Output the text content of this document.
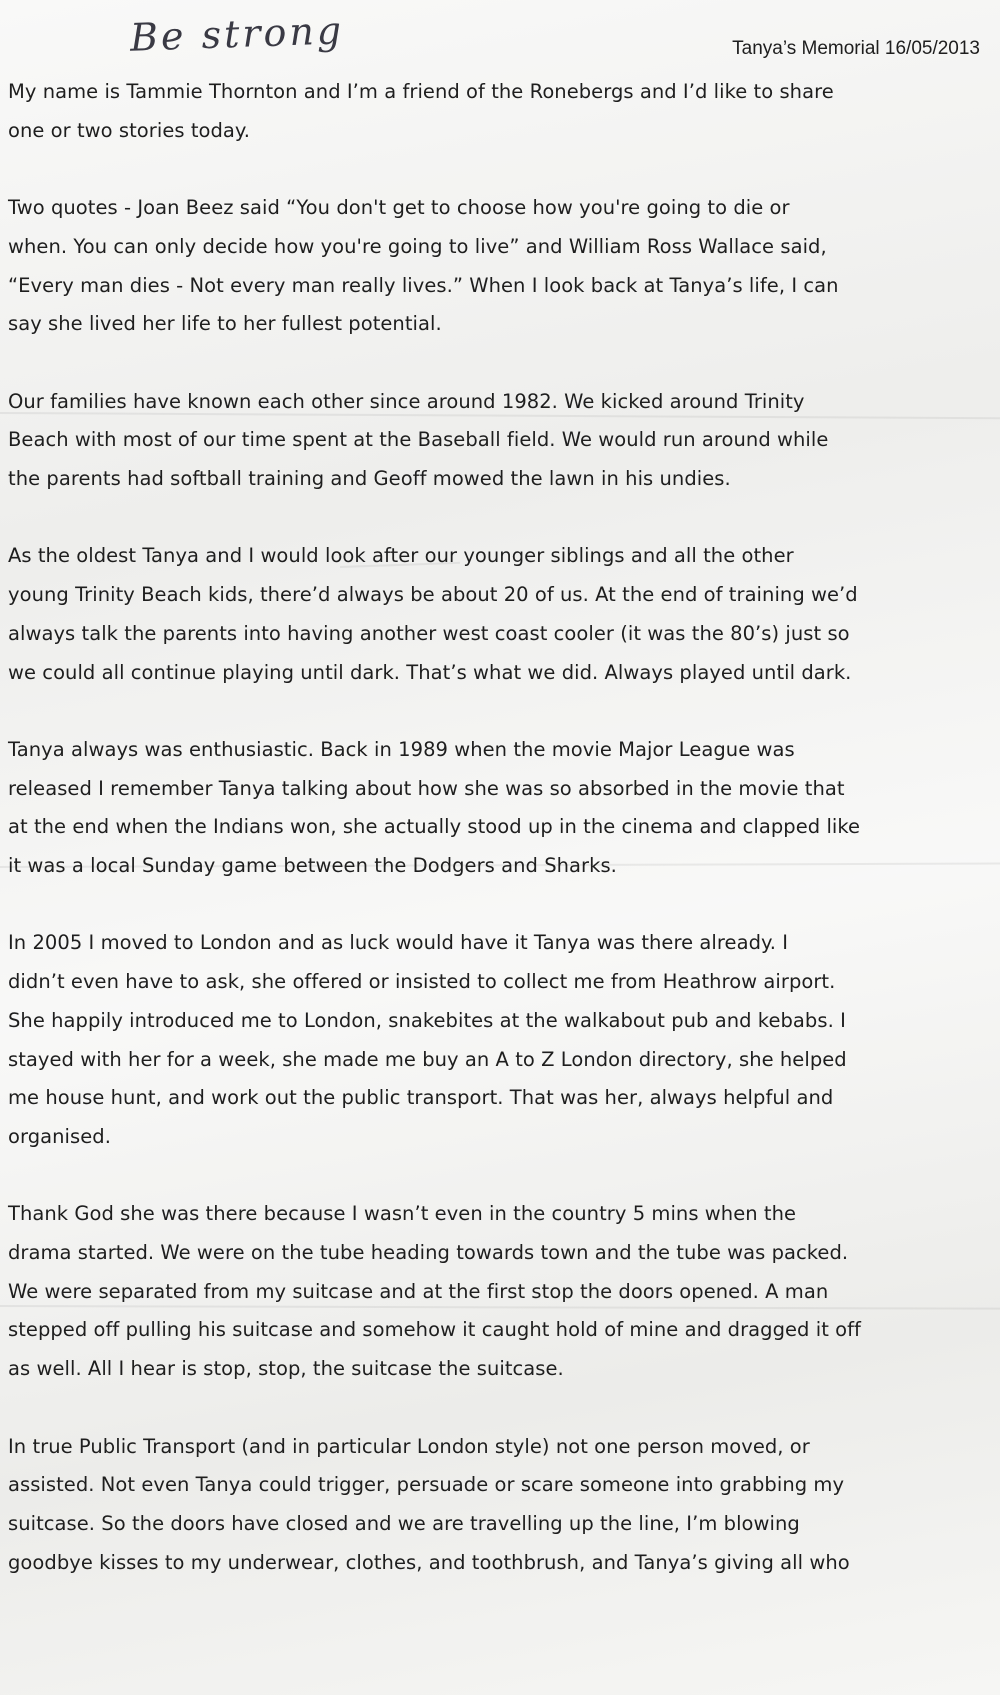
Be strong	Tanya’s Memorial 16/05/2013

My name is Tammie Thornton and I’m a friend of the Ronebergs and I’d like to share
one or two stories today.

Two quotes - Joan Beez said “You don't get to choose how you're going to die or
when. You can only decide how you're going to live” and William Ross Wallace said,
“Every man dies - Not every man really lives.” When I look back at Tanya’s life, I can
say she lived her life to her fullest potential.

Our families have known each other since around 1982. We kicked around Trinity
Beach with most of our time spent at the Baseball field. We would run around while
the parents had softball training and Geoff mowed the lawn in his undies.

As the oldest Tanya and I would look after our younger siblings and all the other
young Trinity Beach kids, there’d always be about 20 of us. At the end of training we’d
always talk the parents into having another west coast cooler (it was the 80’s) just so
we could all continue playing until dark. That’s what we did. Always played until dark.

Tanya always was enthusiastic. Back in 1989 when the movie Major League was
released I remember Tanya talking about how she was so absorbed in the movie that
at the end when the Indians won, she actually stood up in the cinema and clapped like
it was a local Sunday game between the Dodgers and Sharks.

In 2005 I moved to London and as luck would have it Tanya was there already. I
didn’t even have to ask, she offered or insisted to collect me from Heathrow airport.
She happily introduced me to London, snakebites at the walkabout pub and kebabs. I
stayed with her for a week, she made me buy an A to Z London directory, she helped
me house hunt, and work out the public transport. That was her, always helpful and
organised.

Thank God she was there because I wasn’t even in the country 5 mins when the
drama started. We were on the tube heading towards town and the tube was packed.
We were separated from my suitcase and at the first stop the doors opened. A man
stepped off pulling his suitcase and somehow it caught hold of mine and dragged it off
as well. All I hear is stop, stop, the suitcase the suitcase.

In true Public Transport (and in particular London style) not one person moved, or
assisted. Not even Tanya could trigger, persuade or scare someone into grabbing my
suitcase. So the doors have closed and we are travelling up the line, I’m blowing
goodbye kisses to my underwear, clothes, and toothbrush, and Tanya’s giving all who
